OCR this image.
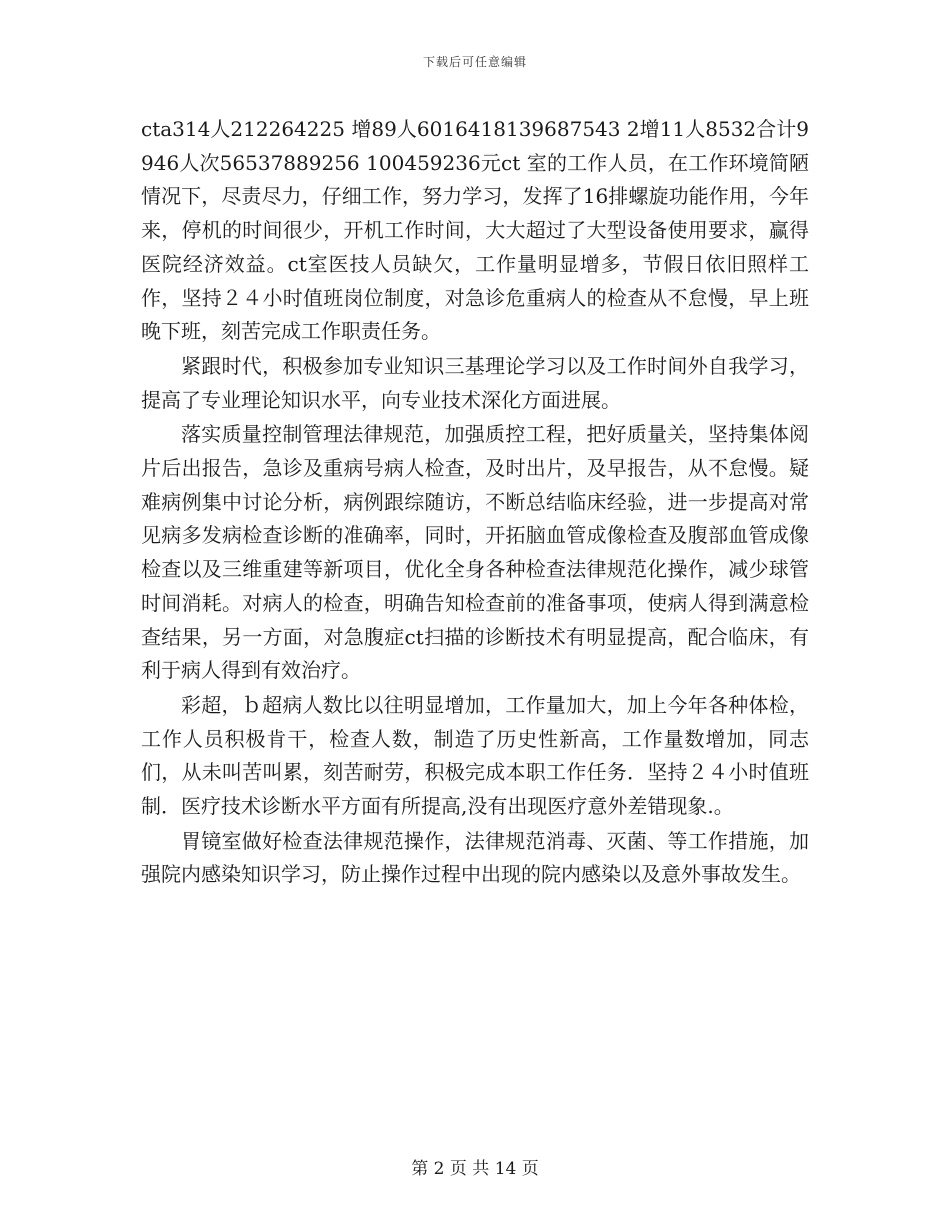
下载后可任意编辑

cta314人212264225 增89人6016418139687543 2增11人8532合计9946人次56537889256 100459236元ct 室的工作人员，在工作环境简陋情况下，尽责尽力，仔细工作，努力学习，发挥了16排螺旋功能作用，今年来，停机的时间很少，开机工作时间，大大超过了大型设备使用要求，赢得医院经济效益。ct室医技人员缺欠，工作量明显增多，节假日依旧照样工作，坚持２４小时值班岗位制度，对急诊危重病人的检查从不怠慢，早上班晚下班，刻苦完成工作职责任务。

紧跟时代，积极参加专业知识三基理论学习以及工作时间外自我学习，提高了专业理论知识水平，向专业技术深化方面进展。

落实质量控制管理法律规范，加强质控工程，把好质量关，坚持集体阅片后出报告，急诊及重病号病人检查，及时出片，及早报告，从不怠慢。疑难病例集中讨论分析，病例跟综随访，不断总结临床经验，进一步提高对常见病多发病检查诊断的准确率，同时，开拓脑血管成像检查及腹部血管成像检查以及三维重建等新项目，优化全身各种检查法律规范化操作，减少球管时间消耗。对病人的检查，明确告知检查前的准备事项，使病人得到满意检查结果，另一方面，对急腹症ct扫描的诊断技术有明显提高，配合临床，有利于病人得到有效治疗。

彩超，ｂ超病人数比以往明显增加，工作量加大，加上今年各种体检，工作人员积极肯干，检查人数，制造了历史性新高，工作量数增加，同志们，从未叫苦叫累，刻苦耐劳，积极完成本职工作任务．坚持２４小时值班制．医疗技术诊断水平方面有所提高,没有出现医疗意外差错现象.。

胃镜室做好检查法律规范操作，法律规范消毒、灭菌、等工作措施，加强院内感染知识学习，防止操作过程中出现的院内感染以及意外事故发生。

第 2 页 共 14 页
